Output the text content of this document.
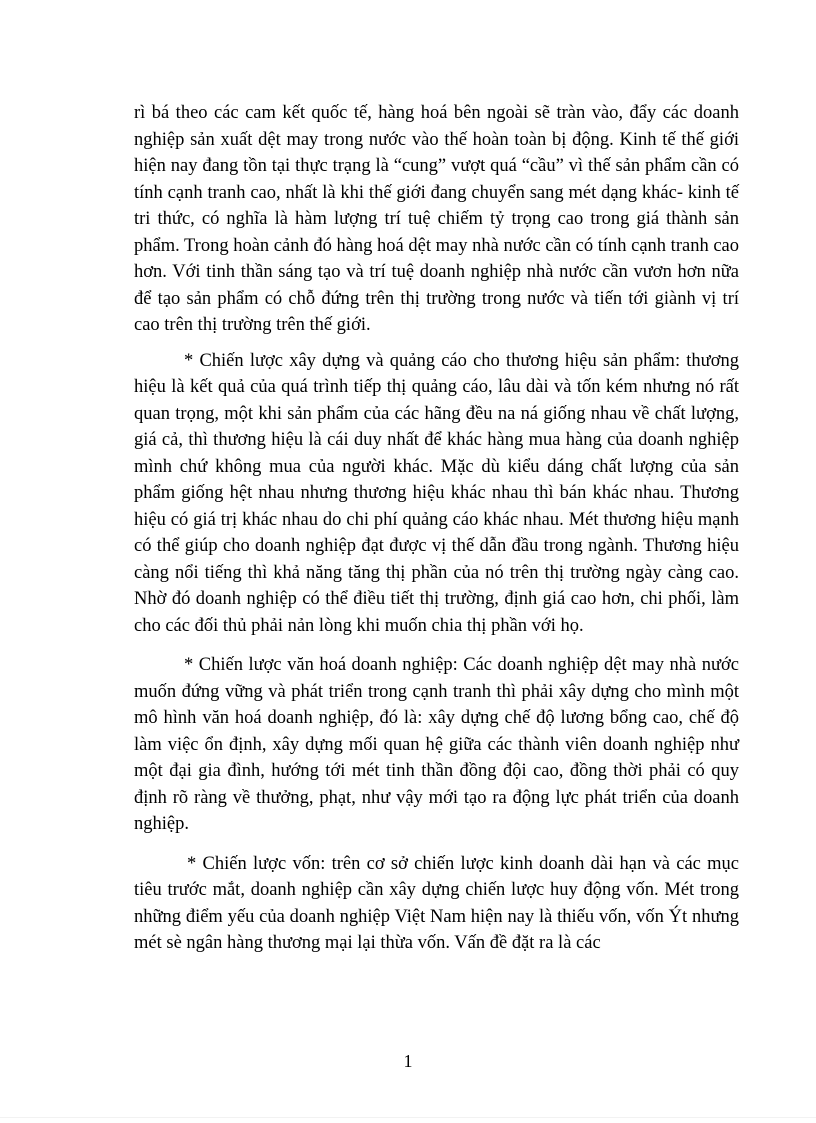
rì bá theo các cam kết quốc tế, hàng hoá bên ngoài sẽ tràn vào, đẩy các doanh nghiệp sản xuất dệt may trong nước vào thế hoàn toàn bị động. Kinh tế thế giới hiện nay đang tồn tại thực trạng là “cung” vượt quá “cầu” vì thế sản phẩm cần có tính cạnh tranh cao, nhất là khi thế giới đang chuyển sang mét dạng khác- kinh tế tri thức, có nghĩa là hàm lượng trí tuệ chiếm tỷ trọng cao trong giá thành sản phẩm. Trong hoàn cảnh đó hàng hoá dệt may nhà nước cần có tính cạnh tranh cao hơn. Với tinh thần sáng tạo và trí tuệ doanh nghiệp nhà nước cần vươn hơn nữa để tạo sản phẩm có chỗ đứng trên thị trường trong nước và tiến tới giành vị trí cao trên thị trường trên thế giới.

* Chiến lược xây dựng và quảng cáo cho thương hiệu sản phẩm: thương hiệu là kết quả của quá trình tiếp thị quảng cáo, lâu dài và tốn kém nhưng nó rất quan trọng, một khi sản phẩm của các hãng đều na ná giống nhau về chất lượng, giá cả, thì thương hiệu là cái duy nhất để khác hàng mua hàng của doanh nghiệp mình chứ không mua của người khác. Mặc dù kiểu dáng chất lượng của sản phẩm giống hệt nhau nhưng thương hiệu khác nhau thì bán khác nhau. Thương hiệu có giá trị khác nhau do chi phí quảng cáo khác nhau. Mét thương hiệu mạnh có thể giúp cho doanh nghiệp đạt được vị thế dẫn đầu trong ngành. Thương hiệu càng nổi tiếng thì khả năng tăng thị phần của nó trên thị trường ngày càng cao. Nhờ đó doanh nghiệp có thể điều tiết thị trường, định giá cao hơn, chi phối, làm cho các đối thủ phải nản lòng khi muốn chia thị phần với họ.

* Chiến lược văn hoá doanh nghiệp: Các doanh nghiệp dệt may nhà nước muốn đứng vững và phát triển trong cạnh tranh thì phải xây dựng cho mình một mô hình văn hoá doanh nghiệp, đó là: xây dựng chế độ lương bổng cao, chế độ làm việc ổn định, xây dựng mối quan hệ giữa các thành viên doanh nghiệp như một đại gia đình, hướng tới mét tinh thần đồng đội cao, đồng thời phải có quy định rõ ràng về thưởng, phạt, như vậy mới tạo ra động lực phát triển của doanh nghiệp.

* Chiến lược vốn: trên cơ sở chiến lược kinh doanh dài hạn và các mục tiêu trước mắt, doanh nghiệp cần xây dựng chiến lược huy động vốn. Mét trong những điểm yếu của doanh nghiệp Việt Nam hiện nay là thiếu vốn, vốn Ýt nhưng mét sè ngân hàng thương mại lại thừa vốn. Vấn đề đặt ra là các

1
